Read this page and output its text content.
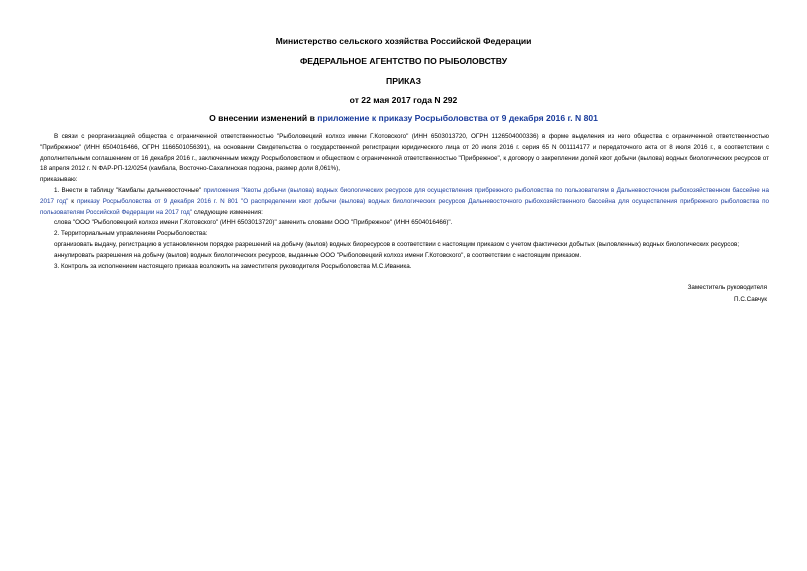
Министерство сельского хозяйства Российской Федерации
ФЕДЕРАЛЬНОЕ АГЕНТСТВО ПО РЫБОЛОВСТВУ
ПРИКАЗ
от 22 мая 2017 года N 292
О внесении изменений в приложение к приказу Росрыболовства от 9 декабря 2016 г. N 801

В связи с реорганизацией общества с ограниченной ответственностью "Рыболовецкий колхоз имени Г.Котовского" (ИНН 6503013720, ОГРН 1126504000336) в форме выделения из него общества с ограниченной ответственностью "Прибрежное" (ИНН 6504016466, ОГРН 1166501056391), на основании Свидетельства о государственной регистрации юридического лица от 20 июля 2016 г. серия 65 N 001114177 и передаточного акта от 8 июля 2016 г., в соответствии с дополнительным соглашением от 16 декабря 2016 г., заключенным между Росрыболовством и обществом с ограниченной ответственностью "Прибрежное", к договору о закреплении долей квот добычи (вылова) водных биологических ресурсов от 18 апреля 2012 г. N ФАР-РП-12/0254 (камбала, Восточно-Сахалинская подзона, размер доли 8,061%),

приказываю:

1. Внести в таблицу "Камбалы дальневосточные" приложения "Квоты добычи (вылова) водных биологических ресурсов для осуществления прибрежного рыболовства по пользователям в Дальневосточном рыбохозяйственном бассейне на 2017 год" к приказу Росрыболовства от 9 декабря 2016 г. N 801 "О распределении квот добычи (вылова) водных биологических ресурсов Дальневосточного рыбохозяйственного бассейна для осуществления прибрежного рыболовства по пользователям Российской Федерации на 2017 год" следующие изменения:

слова "ООО "Рыболовецкий колхоз имени Г.Котовского" (ИНН 6503013720)" заменить словами ООО "Прибрежное" (ИНН 6504016466)".

2. Территориальным управлениям Росрыболовства:

организовать выдачу, регистрацию в установленном порядке разрешений на добычу (вылов) водных биоресурсов в соответствии с настоящим приказом с учетом фактически добытых (выловленных) водных биологических ресурсов;

аннулировать разрешения на добычу (вылов) водных биологических ресурсов, выданные ООО "Рыболовецкий колхоз имени Г.Котовского", в соответствии с настоящим приказом.

3. Контроль за исполнением настоящего приказа возложить на заместителя руководителя Росрыболовства М.С.Иваника.

Заместитель руководителя
П.С.Савчук
